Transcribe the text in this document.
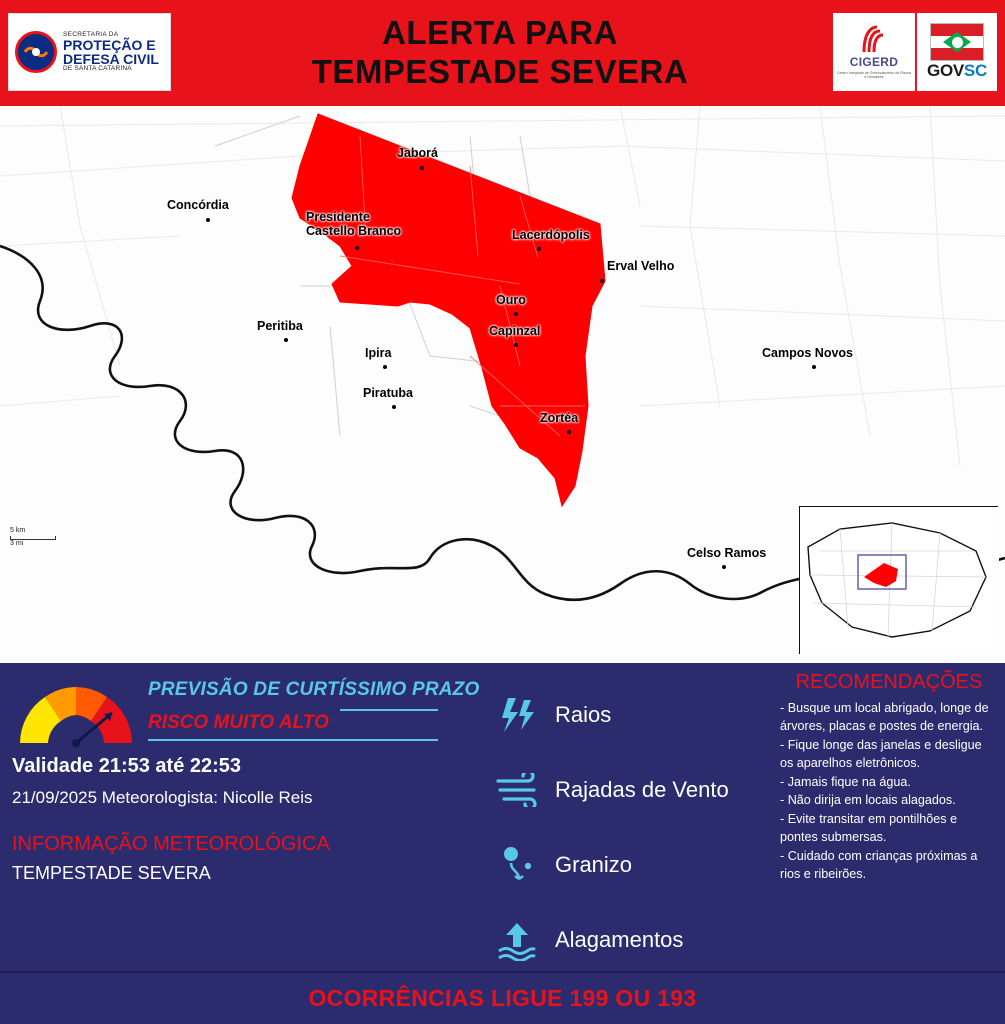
SECRETARIA DA
PROTEÇÃO E
DEFESA CIVIL
DE SANTA CATARINA
ALERTA PARA
TEMPESTADE SEVERA	CIGERD
Centro Integrado de Gerenciamento de Riscos e Desastres	GOVSC
5 km
3 mi
Jaborá
Concórdia
Presidente
Castello Branco	Lacerdópolis
Erval Velho
Ouro
Capinzal
Peritiba
Ipira
Piratuba
Campos Novos
Zortéa
Celso Ramos
PREVISÃO DE CURTÍSSIMO PRAZO
RISCO MUITO ALTO
Validade 21:53 até 22:53
21/09/2025 Meteorologista: Nicolle Reis
INFORMAÇÃO METEOROLÓGICA
TEMPESTADE SEVERA
Raios
Rajadas de Vento
Granizo
Alagamentos
RECOMENDAÇÕES
- Busque um local abrigado, longe de árvores, placas e postes de energia.
- Fique longe das janelas e desligue os aparelhos eletrônicos.
- Jamais fique na água.
- Não dirija em locais alagados.
- Evite transitar em pontilhões e pontes submersas.
- Cuidado com crianças próximas a rios e ribeirões.
OCORRÊNCIAS LIGUE 199 OU 193
